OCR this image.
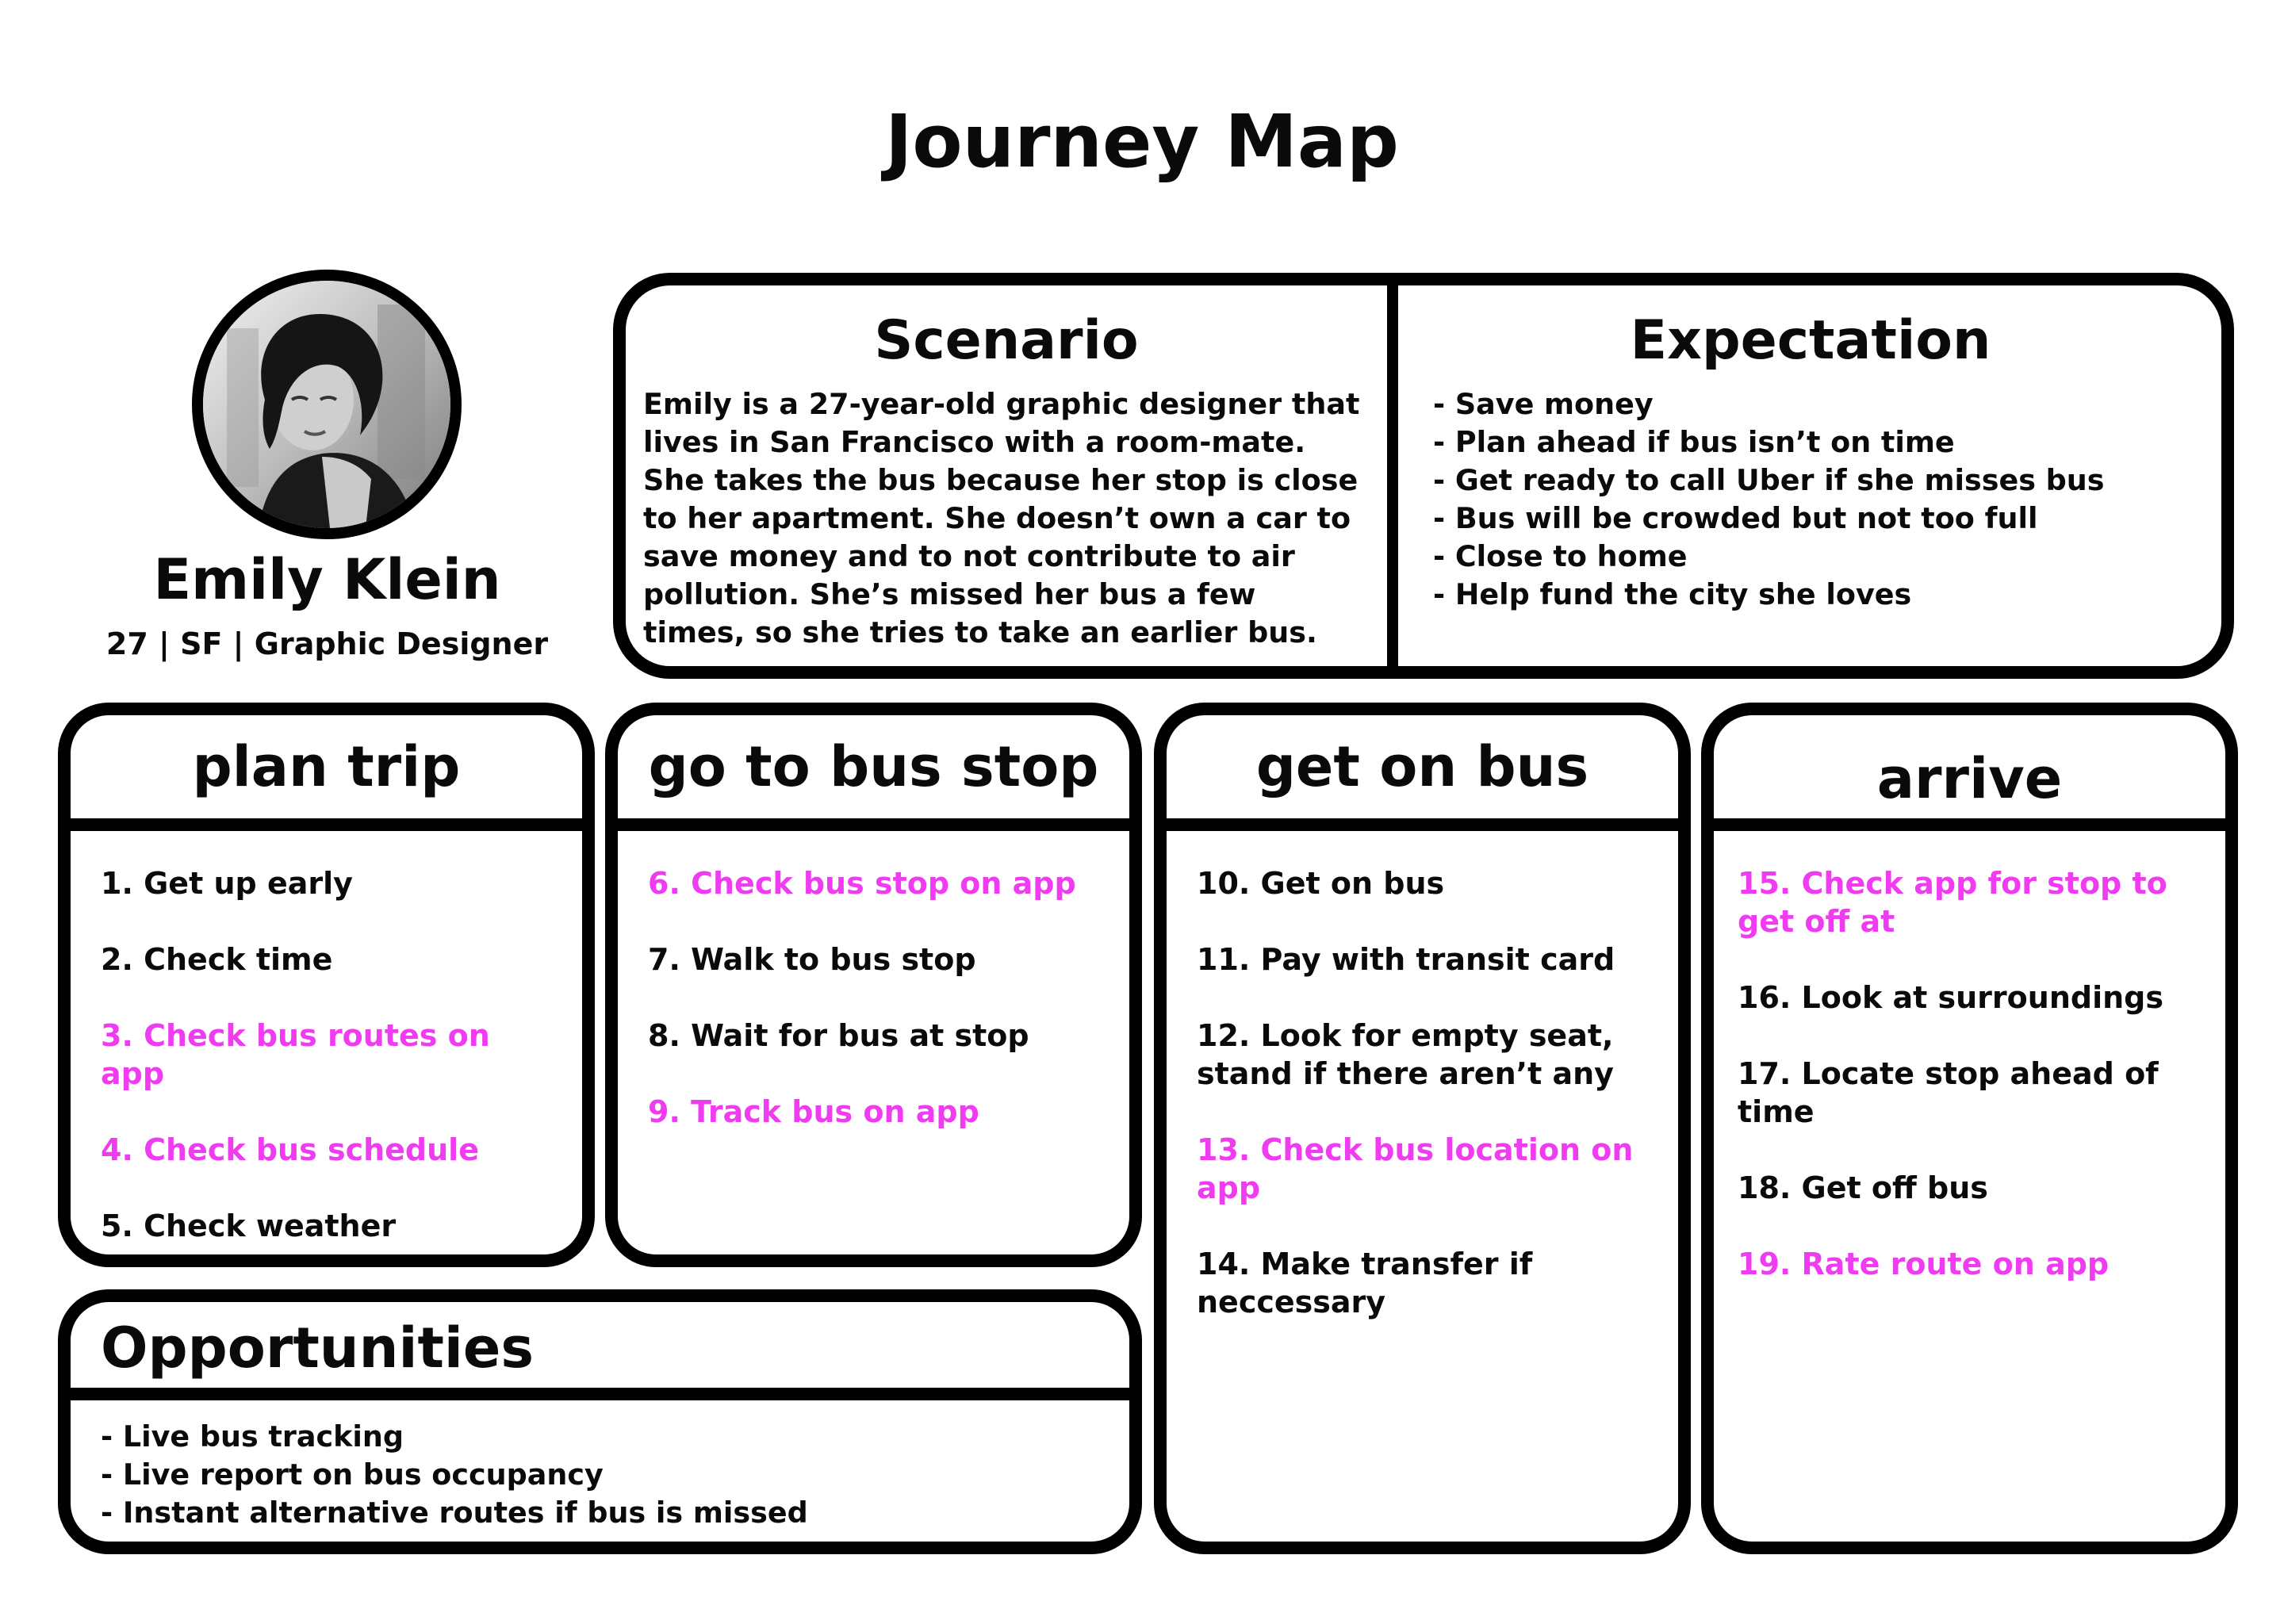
Journey Map
Emily Klein
27 | SF | Graphic Designer
Scenario

Emily is a 27-year-old graphic designer that lives in San Francisco with a room-mate. She takes the bus because her stop is close to her apartment. She doesn’t own a car to save money and to not contribute to air pollution. She’s missed her bus a few times, so she tries to take an earlier bus.

Expectation
- Save money
- Plan ahead if bus isn’t on time
- Get ready to call Uber if she misses bus
- Bus will be crowded but not too full
- Close to home
- Help fund the city she loves
plan trip
1. Get up early
2. Check time
3. Check bus routes on app
4. Check bus schedule
5. Check weather
go to bus stop
6. Check bus stop on app
7. Walk to bus stop
8. Wait for bus at stop
9. Track bus on app
get on bus
10. Get on bus
11. Pay with transit card
12. Look for empty seat, stand if there aren’t any
13. Check bus location on app
14. Make transfer if neccessary
arrive
15. Check app for stop to get off at
16. Look at surroundings
17. Locate stop ahead of time
18. Get off bus
19. Rate route on app
Opportunities
- Live bus tracking
- Live report on bus occupancy
- Instant alternative routes if bus is missed
